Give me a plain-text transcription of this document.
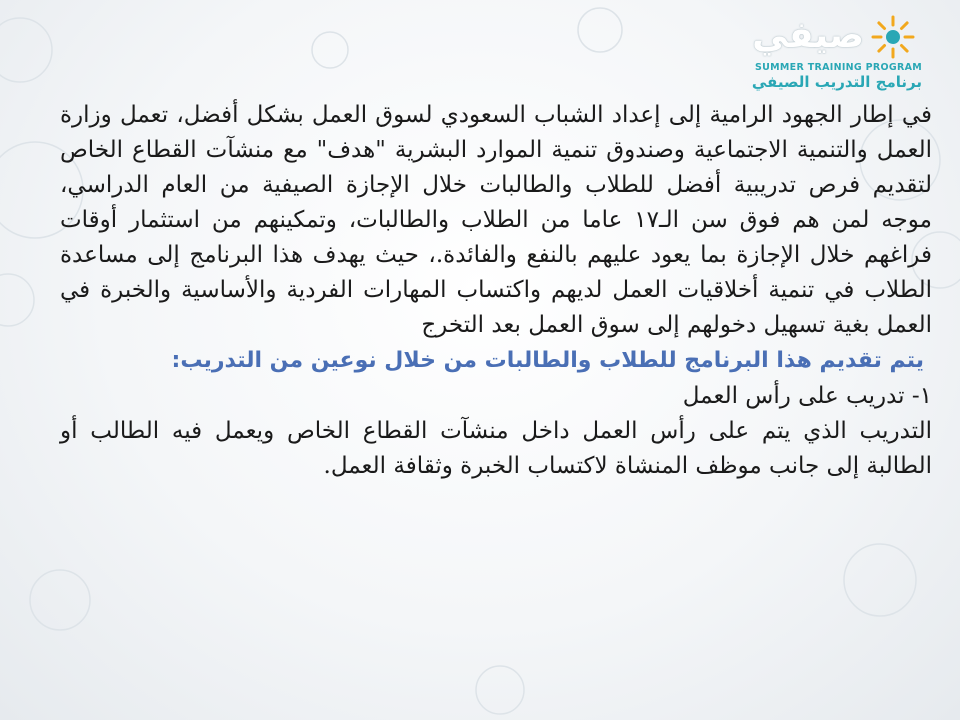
صيفي
SUMMER TRAINING PROGRAM
برنامج التدريب الصيفي

في إطار الجهود الرامية إلى إعداد الشباب السعودي لسوق العمل بشكل أفضل، تعمل وزارة العمل والتنمية الاجتماعية وصندوق تنمية الموارد البشرية "هدف" مع منشآت القطاع الخاص لتقديم فرص تدريبية أفضل للطلاب والطالبات خلال الإجازة الصيفية من العام الدراسي، موجه لمن هم فوق سن الـ١٧ عاما من الطلاب والطالبات، وتمكينهم من استثمار أوقات فراغهم خلال الإجازة بما يعود عليهم بالنفع والفائدة.، حيث يهدف هذا البرنامج إلى مساعدة الطلاب في تنمية أخلاقيات العمل لديهم واكتساب المهارات الفردية والأساسية والخبرة في العمل بغية تسهيل دخولهم إلى سوق العمل بعد التخرج

يتم تقديم هذا البرنامج للطلاب والطالبات من خلال نوعين من التدريب:

١- تدريب على رأس العمل

التدريب الذي يتم على رأس العمل داخل منشآت القطاع الخاص ويعمل فيه الطالب أو الطالبة إلى جانب موظف المنشاة لاكتساب الخبرة وثقافة العمل.
